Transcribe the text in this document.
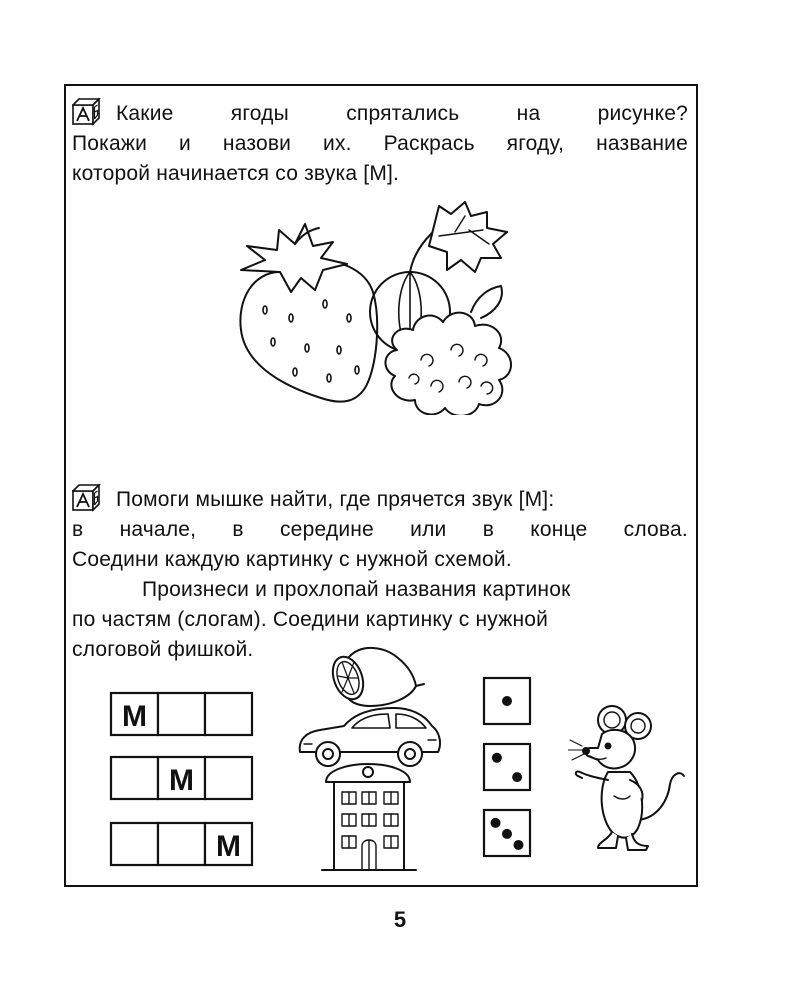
Какие	ягоды	спрятались	на	рисунке?
Покажи и назови их. Раскрась ягоду, название
которой начинается со звука [М].
Помоги мышке найти, где прячется звук [М]:
в начале, в середине или в конце слова.
Соедини каждую картинку с нужной схемой.
Произнеси и прохлопай названия картинок
по частям (слогам). Соедини картинку с нужной
слоговой фишкой.
М
М
М
5
